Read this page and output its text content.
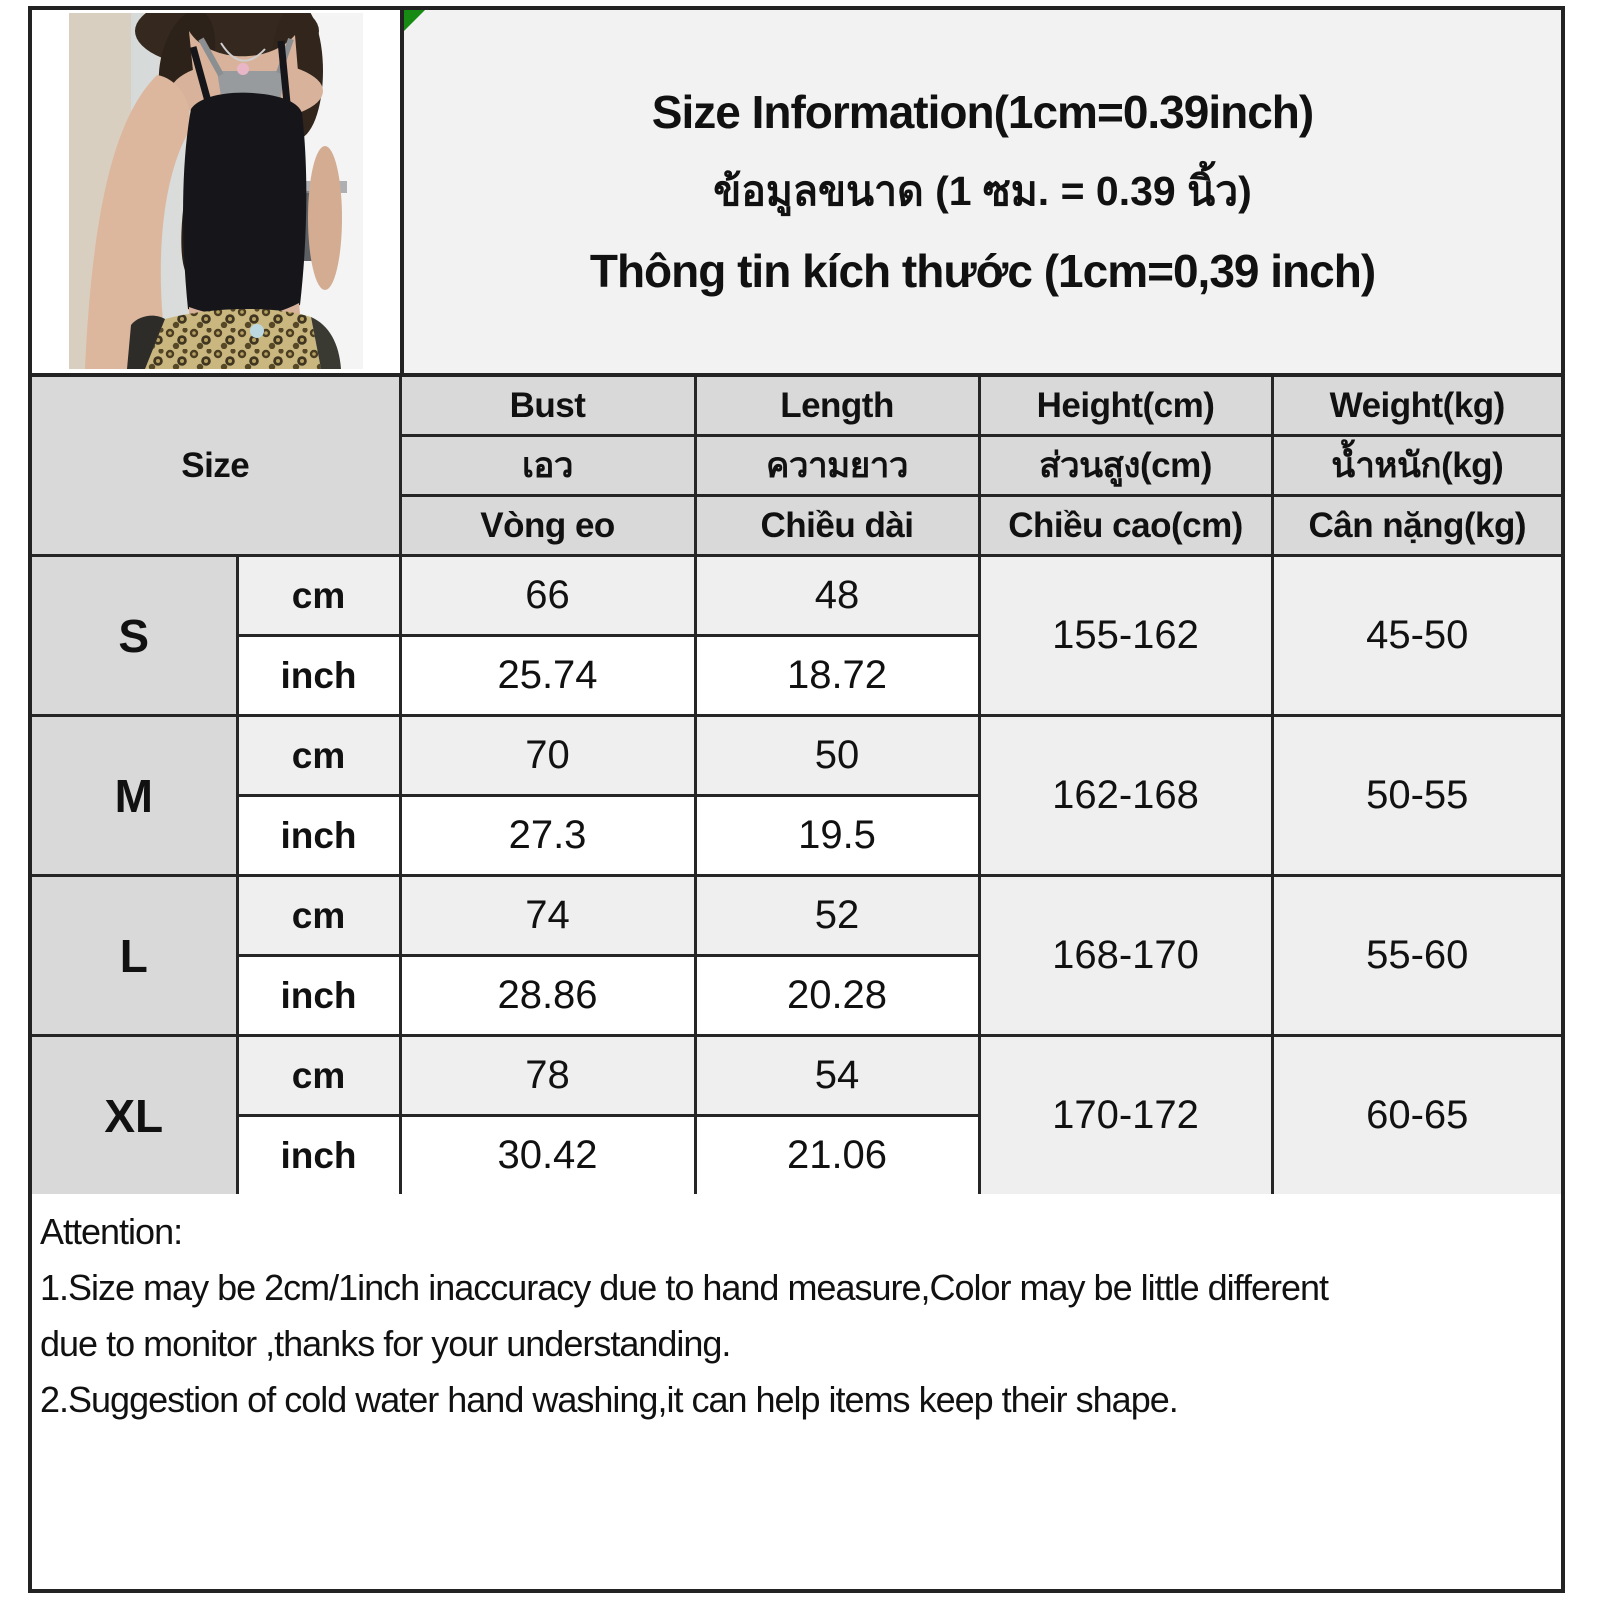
Size Information(1cm=0.39inch)
ข้อมูลขนาด (1 ซม. = 0.39 นิ้ว)
Thông tin kích thước (1cm=0,39 inch)
Size		Bust	Length	Height(cm)	Weight(kg)
		เอว	ความยาว	ส่วนสูง(cm)	น้ำหนัก(kg)
		Vòng eo	Chiều dài	Chiều cao(cm)	Cân nặng(kg)
S	cm	66	48	155-162	45-50
	inch	25.74	18.72		
M	cm	70	50	162-168	50-55
	inch	27.3	19.5		
L	cm	74	52	168-170	55-60
	inch	28.86	20.28		
XL	cm	78	54	170-172	60-65
	inch	30.42	21.06		
Attention:
1.Size may be 2cm/1inch inaccuracy due to hand measure,Color may be little different
due to monitor ,thanks for your understanding.
2.Suggestion of cold water hand washing,it can help items keep their shape.
